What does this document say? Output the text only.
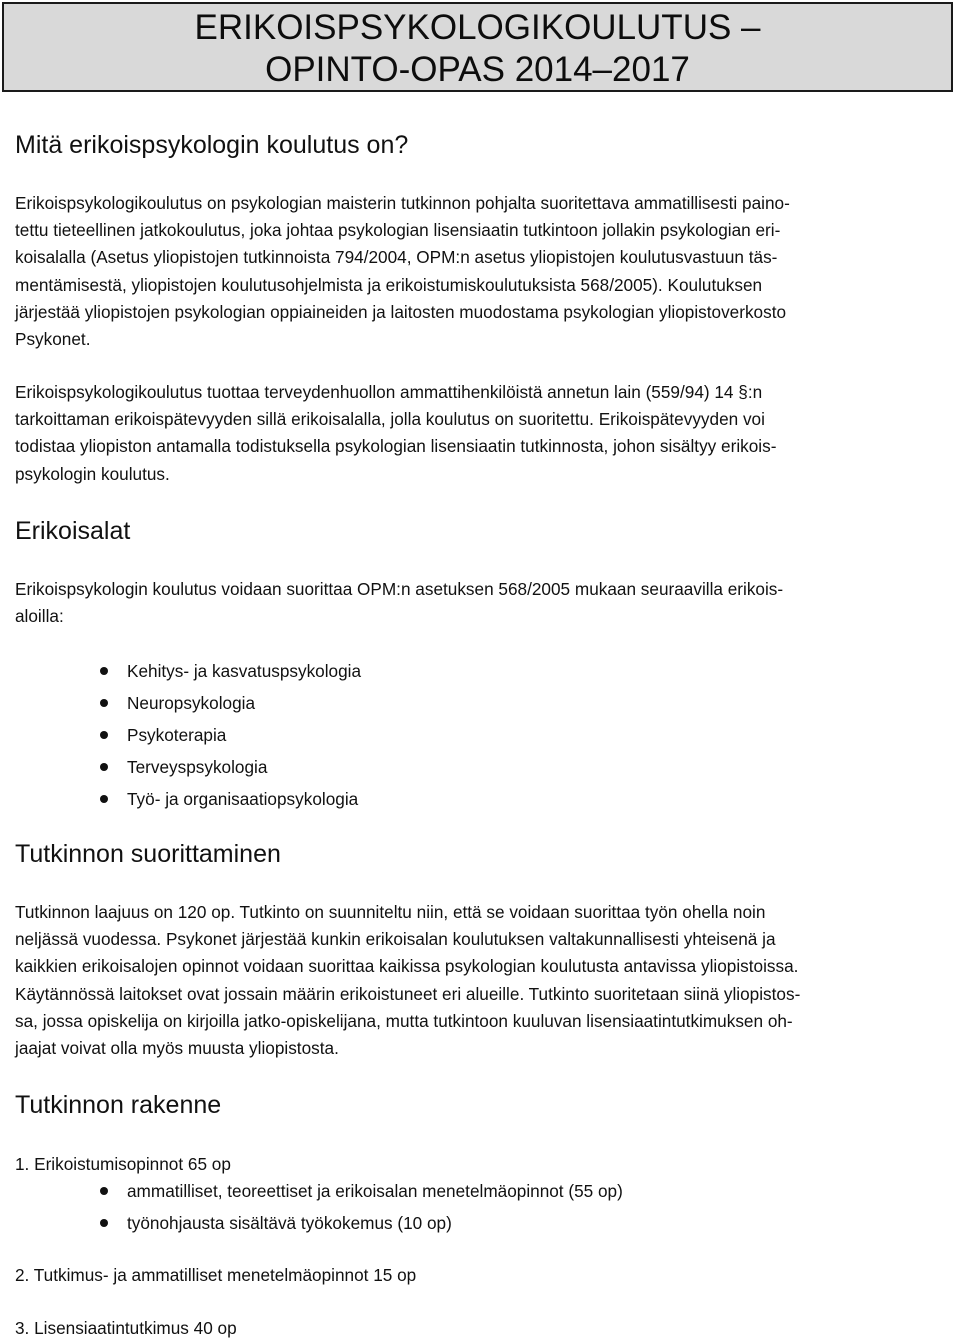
ERIKOISPSYKOLOGIKOULUTUS –
OPINTO-OPAS 2014–2017
Mitä erikoispsykologin koulutus on?
Erikoispsykologikoulutus on psykologian maisterin tutkinnon pohjalta suoritettava ammatillisesti paino-
tettu tieteellinen jatkokoulutus, joka johtaa psykologian lisensiaatin tutkintoon jollakin psykologian eri-
koisalalla (Asetus yliopistojen tutkinnoista 794/2004, OPM:n asetus yliopistojen koulutusvastuun täs-
mentämisestä, yliopistojen koulutusohjelmista ja erikoistumiskoulutuksista 568/2005). Koulutuksen
järjestää yliopistojen psykologian oppiaineiden ja laitosten muodostama psykologian yliopistoverkosto
Psykonet.
Erikoispsykologikoulutus tuottaa terveydenhuollon ammattihenkilöistä annetun lain (559/94) 14 §:n
tarkoittaman erikoispätevyyden sillä erikoisalalla, jolla koulutus on suoritettu. Erikoispätevyyden voi
todistaa yliopiston antamalla todistuksella psykologian lisensiaatin tutkinnosta, johon sisältyy erikois-
psykologin koulutus.
Erikoisalat
Erikoispsykologin koulutus voidaan suorittaa OPM:n asetuksen 568/2005 mukaan seuraavilla erikois-
aloilla:
Kehitys- ja kasvatuspsykologia
Neuropsykologia
Psykoterapia
Terveyspsykologia
Työ- ja organisaatiopsykologia
Tutkinnon suorittaminen
Tutkinnon laajuus on 120 op. Tutkinto on suunniteltu niin, että se voidaan suorittaa työn ohella noin
neljässä vuodessa. Psykonet järjestää kunkin erikoisalan koulutuksen valtakunnallisesti yhteisenä ja
kaikkien erikoisalojen opinnot voidaan suorittaa kaikissa psykologian koulutusta antavissa yliopistoissa.
Käytännössä laitokset ovat jossain määrin erikoistuneet eri alueille. Tutkinto suoritetaan siinä yliopistos-
sa, jossa opiskelija on kirjoilla jatko-opiskelijana, mutta tutkintoon kuuluvan lisensiaatintutkimuksen oh-
jaajat voivat olla myös muusta yliopistosta.
Tutkinnon rakenne

1. Erikoistumisopinnot 65 op

ammatilliset, teoreettiset ja erikoisalan menetelmäopinnot (55 op)
työnohjausta sisältävä työkokemus (10 op)

2. Tutkimus- ja ammatilliset menetelmäopinnot 15 op

3. Lisensiaatintutkimus 40 op
